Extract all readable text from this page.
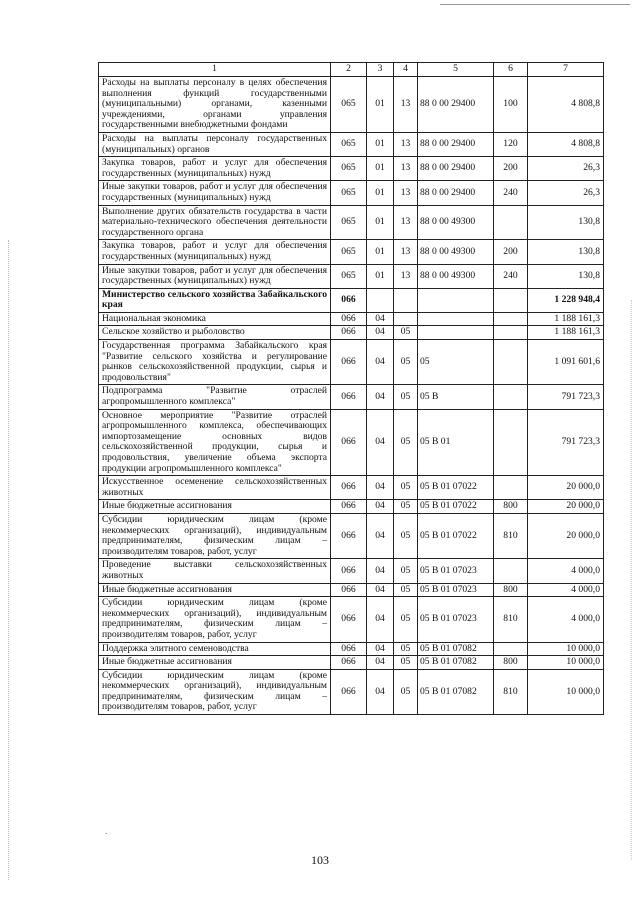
1	2	3	4	5	6	7
Расходы на выплаты персоналу в целях обеспечения выполнения функций государственными (муниципальными) органами, казенными учреждениями, органами управления государственными внебюджетными фондами	065	01	13	88 0 00 29400	100	4 808,8
Расходы на выплаты персоналу государственных (муниципальных) органов	065	01	13	88 0 00 29400	120	4 808,8
Закупка товаров, работ и услуг для обеспечения государственных (муниципальных) нужд	065	01	13	88 0 00 29400	200	26,3
Иные закупки товаров, работ и услуг для обеспечения государственных (муниципальных) нужд	065	01	13	88 0 00 29400	240	26,3
Выполнение других обязательств государства в части материально-технического обеспечения деятельности государственного органа	065	01	13	88 0 00 49300		130,8
Закупка товаров, работ и услуг для обеспечения государственных (муниципальных) нужд	065	01	13	88 0 00 49300	200	130,8
Иные закупки товаров, работ и услуг для обеспечения государственных (муниципальных) нужд	065	01	13	88 0 00 49300	240	130,8
Министерство сельского хозяйства Забайкальского края	066					1 228 948,4
Национальная экономика	066	04				1 188 161,3
Сельское хозяйство и рыболовство	066	04	05			1 188 161,3
Государственная программа Забайкальского края "Развитие сельского хозяйства и регулирование рынков сельскохозяйственной продукции, сырья и продовольствия"	066	04	05	05		1 091 601,6
Подпрограмма "Развитие отраслей агропромышленного комплекса"	066	04	05	05 В		791 723,3
Основное мероприятие "Развитие отраслей агропромышленного комплекса, обеспечивающих импортозамещение основных видов сельскохозяйственной продукции, сырья и продовольствия, увеличение объема экспорта продукции агропромышленного комплекса"	066	04	05	05 В 01		791 723,3
Искусственное осеменение сельскохозяйственных животных	066	04	05	05 В 01 07022		20 000,0
Иные бюджетные ассигнования	066	04	05	05 В 01 07022	800	20 000,0
Субсидии юридическим лицам (кроме некоммерческих организаций), индивидуальным предпринимателям, физическим лицам – производителям товаров, работ, услуг	066	04	05	05 В 01 07022	810	20 000,0
Проведение выставки сельскохозяйственных животных	066	04	05	05 В 01 07023		4 000,0
Иные бюджетные ассигнования	066	04	05	05 В 01 07023	800	4 000,0
Субсидии юридическим лицам (кроме некоммерческих организаций), индивидуальным предпринимателям, физическим лицам – производителям товаров, работ, услуг	066	04	05	05 В 01 07023	810	4 000,0
Поддержка элитного семеноводства	066	04	05	05 В 01 07082		10 000,0
Иные бюджетные ассигнования	066	04	05	05 В 01 07082	800	10 000,0
Субсидии юридическим лицам (кроме некоммерческих организаций), индивидуальным предпринимателям, физическим лицам – производителям товаров, работ, услуг	066	04	05	05 В 01 07082	810	10 000,0
.
103
